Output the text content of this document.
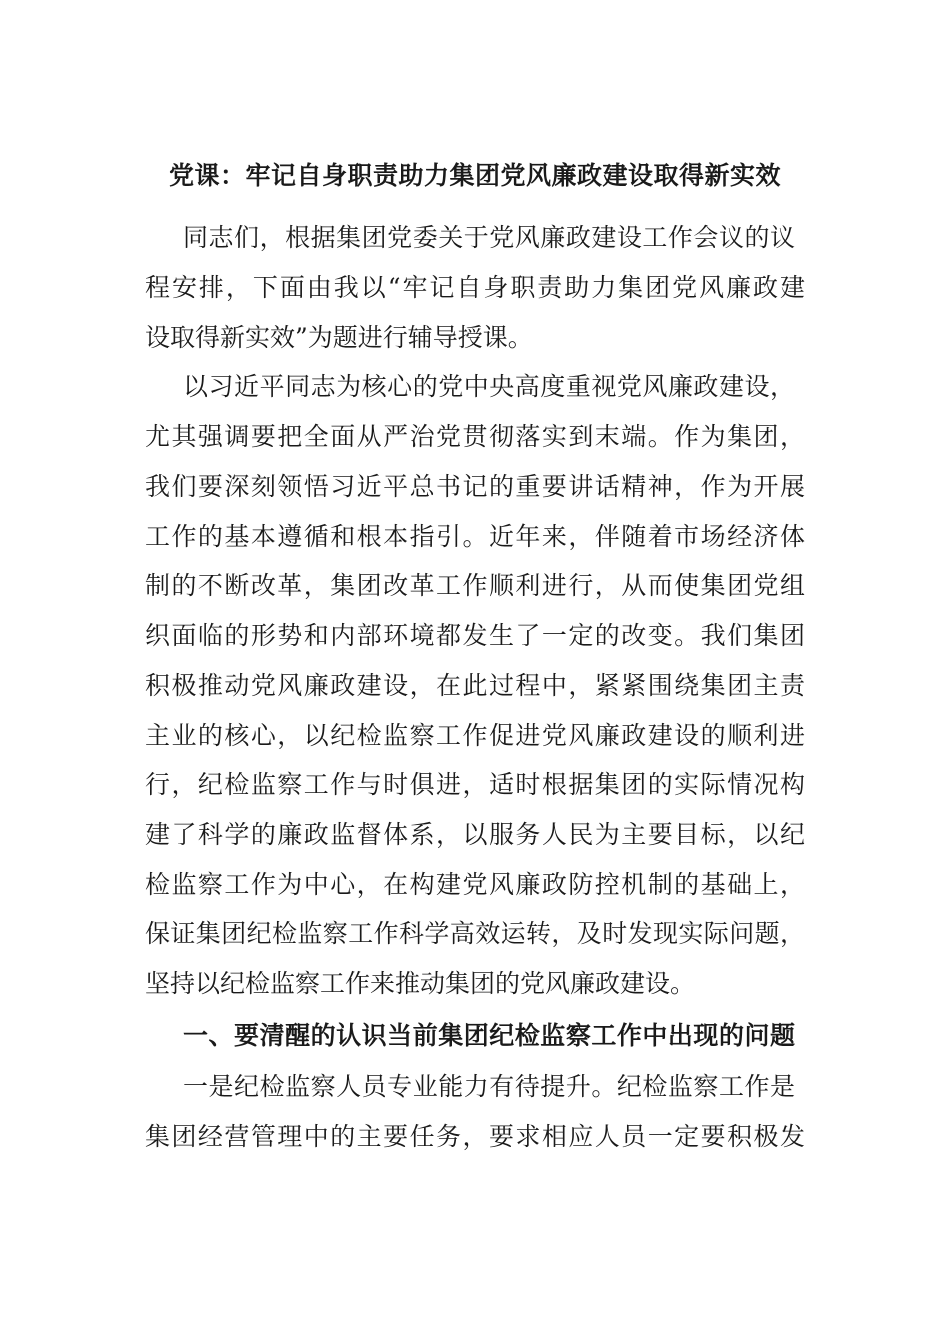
党课：牢记自身职责助力集团党风廉政建设取得新实效

同志们，根据集团党委关于党风廉政建设工作会议的议

程安排，下面由我以“牢记自身职责助力集团党风廉政建

设取得新实效”为题进行辅导授课。

以习近平同志为核心的党中央高度重视党风廉政建设，

尤其强调要把全面从严治党贯彻落实到末端。作为集团，

我们要深刻领悟习近平总书记的重要讲话精神，作为开展

工作的基本遵循和根本指引。近年来，伴随着市场经济体

制的不断改革，集团改革工作顺利进行，从而使集团党组

织面临的形势和内部环境都发生了一定的改变。我们集团

积极推动党风廉政建设，在此过程中，紧紧围绕集团主责

主业的核心，以纪检监察工作促进党风廉政建设的顺利进

行，纪检监察工作与时俱进，适时根据集团的实际情况构

建了科学的廉政监督体系，以服务人民为主要目标，以纪

检监察工作为中心，在构建党风廉政防控机制的基础上，

保证集团纪检监察工作科学高效运转，及时发现实际问题，

坚持以纪检监察工作来推动集团的党风廉政建设。

一、要清醒的认识当前集团纪检监察工作中出现的问题

一是纪检监察人员专业能力有待提升。纪检监察工作是

集团经营管理中的主要任务，要求相应人员一定要积极发
